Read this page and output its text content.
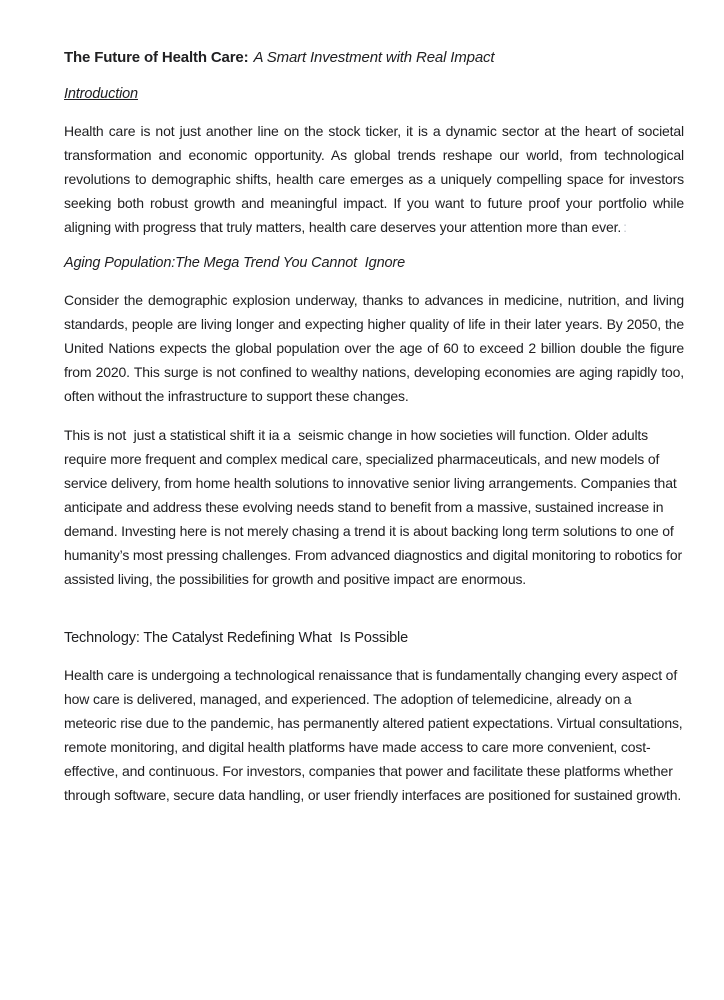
The Future of Health Care: A Smart Investment with Real Impact
Introduction

Health care is not just another line on the stock ticker, it is a dynamic sector at the heart of societal transformation and economic opportunity. As global trends reshape our world, from technological revolutions to demographic shifts, health care emerges as a uniquely compelling space for investors seeking both robust growth and meaningful impact. If you want to future proof your portfolio while aligning with progress that truly matters, health care deserves your attention more than ever. :

Aging Population:The Mega Trend You Cannot  Ignore

Consider the demographic explosion underway, thanks to advances in medicine, nutrition, and living standards, people are living longer and expecting higher quality of life in their later years. By 2050, the United Nations expects the global population over the age of 60 to exceed 2 billion double the figure from 2020. This surge is not confined to wealthy nations, developing economies are aging rapidly too, often without the infrastructure to support these changes.

This is not  just a statistical shift it ia a  seismic change in how societies will function. Older adults require more frequent and complex medical care, specialized pharmaceuticals, and new models of service delivery, from home health solutions to innovative senior living arrangements. Companies that anticipate and address these evolving needs stand to benefit from a massive, sustained increase in demand. Investing here is not merely chasing a trend it is about backing long term solutions to one of humanity’s most pressing challenges. From advanced diagnostics and digital monitoring to robotics for assisted living, the possibilities for growth and positive impact are enormous.

Technology: The Catalyst Redefining What  Is Possible

Health care is undergoing a technological renaissance that is fundamentally changing every aspect of how care is delivered, managed, and experienced. The adoption of telemedicine, already on a meteoric rise due to the pandemic, has permanently altered patient expectations. Virtual consultations, remote monitoring, and digital health platforms have made access to care more convenient, cost-effective, and continuous. For investors, companies that power and facilitate these platforms whether through software, secure data handling, or user friendly interfaces are positioned for sustained growth.
